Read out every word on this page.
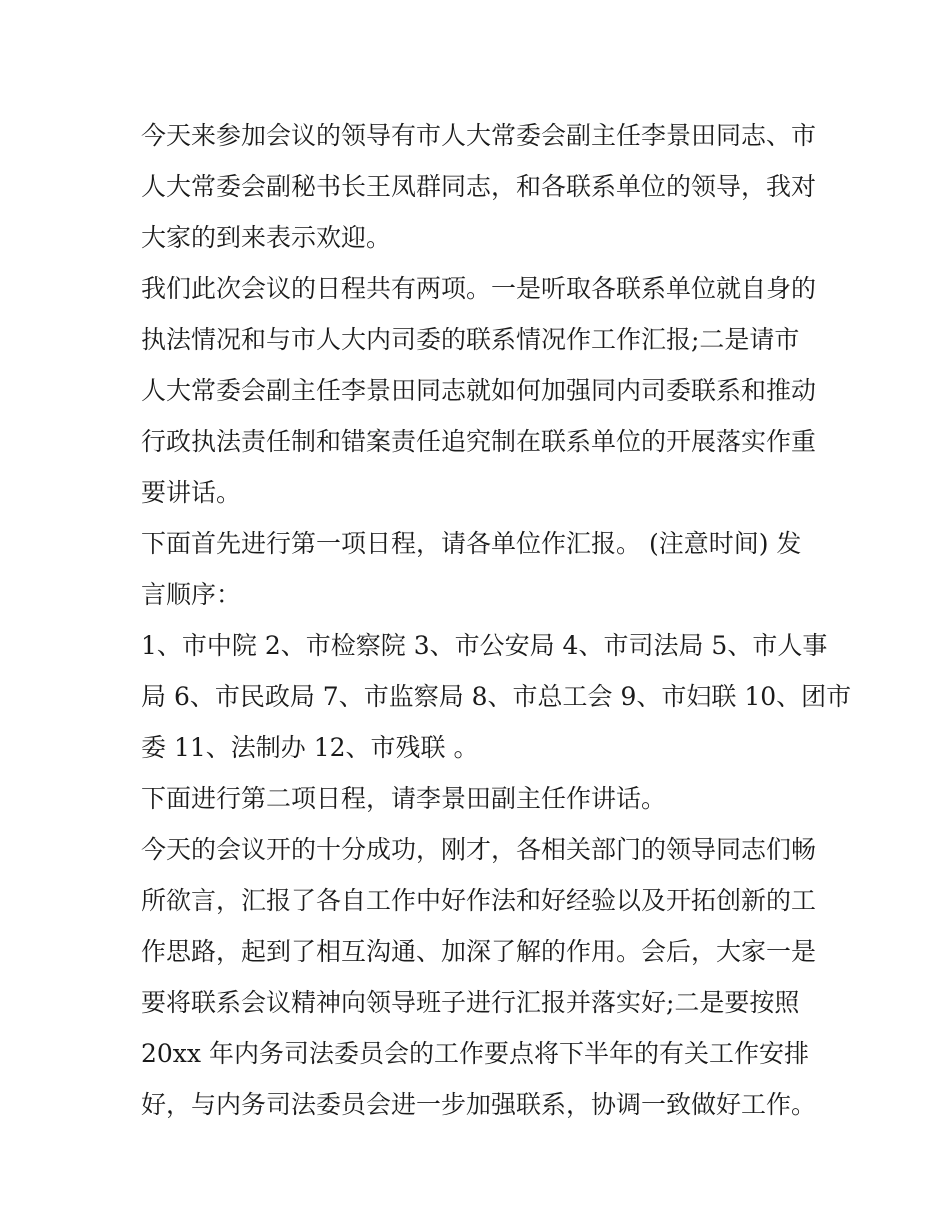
今天来参加会议的领导有市人大常委会副主任李景田同志、市
人大常委会副秘书长王凤群同志，和各联系单位的领导，我对
大家的到来表示欢迎。
我们此次会议的日程共有两项。一是听取各联系单位就自身的
执法情况和与市人大内司委的联系情况作工作汇报;二是请市
人大常委会副主任李景田同志就如何加强同内司委联系和推动
行政执法责任制和错案责任追究制在联系单位的开展落实作重
要讲话。
下面首先进行第一项日程，请各单位作汇报。 (注意时间) 发
言顺序：
1、市中院 2、市检察院 3、市公安局 4、市司法局 5、市人事
局 6、市民政局 7、市监察局 8、市总工会 9、市妇联 10、团市
委 11、法制办 12、市残联 。
下面进行第二项日程，请李景田副主任作讲话。
今天的会议开的十分成功，刚才，各相关部门的领导同志们畅
所欲言，汇报了各自工作中好作法和好经验以及开拓创新的工
作思路，起到了相互沟通、加深了解的作用。会后，大家一是
要将联系会议精神向领导班子进行汇报并落实好;二是要按照
20xx 年内务司法委员会的工作要点将下半年的有关工作安排
好，与内务司法委员会进一步加强联系，协调一致做好工作。
